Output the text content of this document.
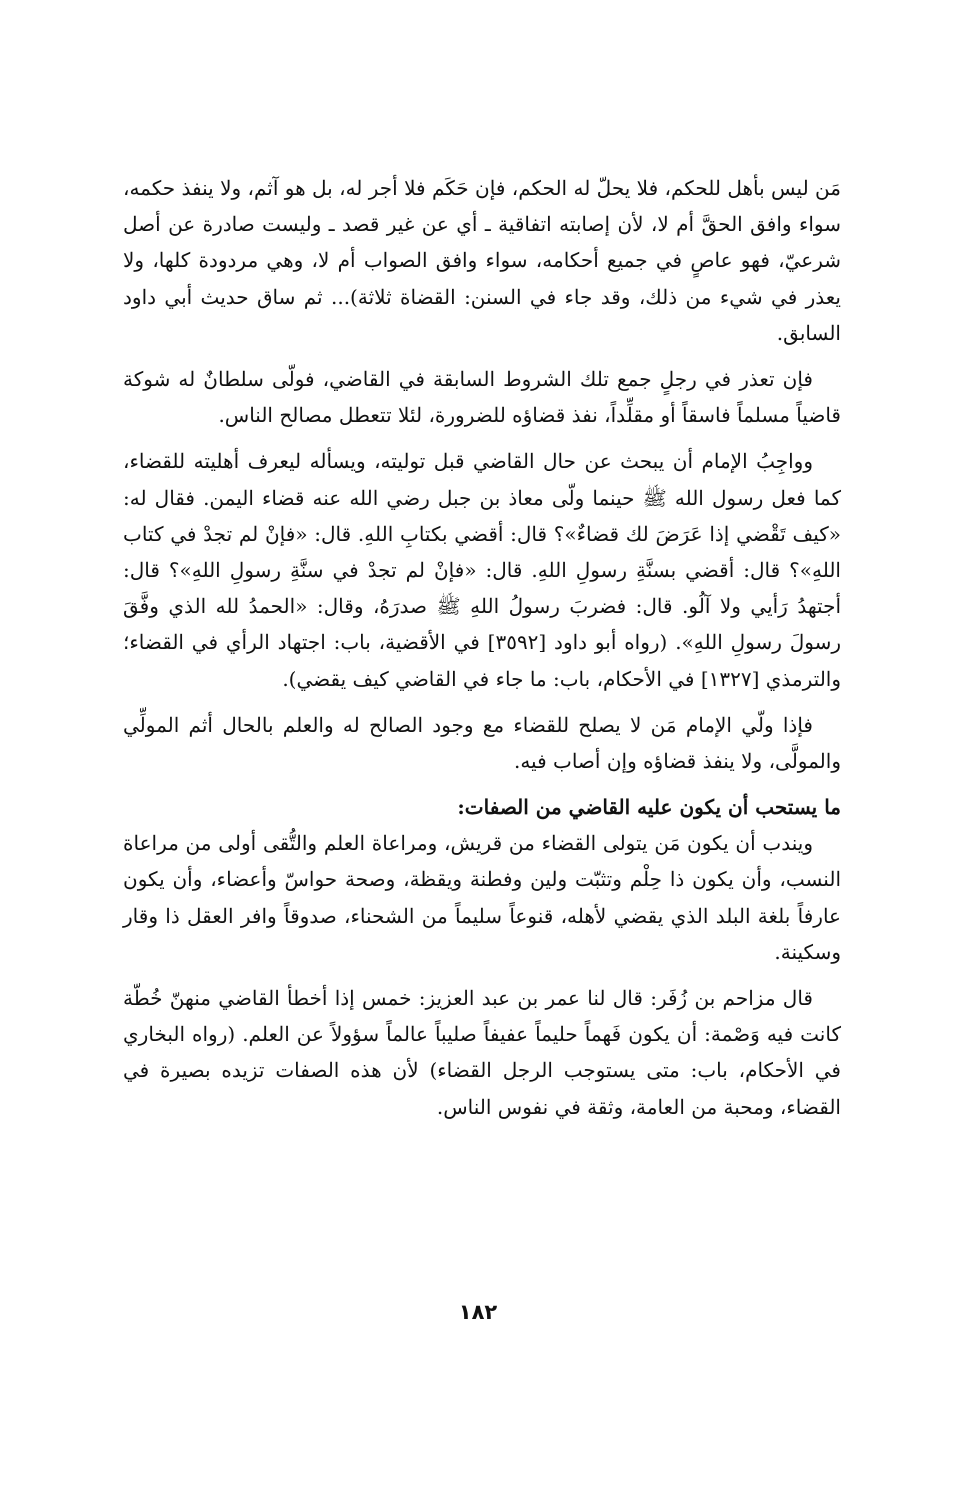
مَن ليس بأهل للحكم، فلا يحلّ له الحكم، فإن حَكَم فلا أجر له، بل هو آثم، ولا ينفذ حكمه، سواء وافق الحقَّ أم لا، لأن إصابته اتفاقية ـ أي عن غير قصد ـ وليست صادرة عن أصل شرعيّ، فهو عاصٍ في جميع أحكامه، سواء وافق الصواب أم لا، وهي مردودة كلها، ولا يعذر في شيء من ذلك، وقد جاء في السنن: القضاة ثلاثة)... ثم ساق حديث أبي داود السابق.

فإن تعذر في رجلٍ جمع تلك الشروط السابقة في القاضي، فولّى سلطانٌ له شوكة قاضياً مسلماً فاسقاً أو مقلِّداً، نفذ قضاؤه للضرورة، لئلا تتعطل مصالح الناس.

وواجِبُ الإمام أن يبحث عن حال القاضي قبل توليته، ويسأله ليعرف أهليته للقضاء، كما فعل رسول الله ﷺ حينما ولّى معاذ بن جبل رضي الله عنه قضاء اليمن. فقال له: «كيف تَقْضي إذا عَرَضَ لك قضاءٌ»؟ قال: أقضي بكتابِ اللهِ. قال: «فإنْ لم تجدْ في كتاب اللهِ»؟ قال: أقضي بسنَّةِ رسولِ اللهِ. قال: «فإنْ لم تجدْ في سنَّةِ رسولِ اللهِ»؟ قال: أجتهدُ رَأيي ولا آلُو. قال: فضربَ رسولُ اللهِ ﷺ صدرَهُ، وقال: «الحمدُ لله الذي وفَّقَ رسولَ رسولِ اللهِ». (رواه أبو داود [٣٥٩٢] في الأقضية، باب: اجتهاد الرأي في القضاء؛ والترمذي [١٣٢٧] في الأحكام، باب: ما جاء في القاضي كيف يقضي).

فإذا ولّي الإمام مَن لا يصلح للقضاء مع وجود الصالح له والعلم بالحال أثم المولِّي والمولَّى، ولا ينفذ قضاؤه وإن أصاب فيه.

ما يستحب أن يكون عليه القاضي من الصفات:

ويندب أن يكون مَن يتولى القضاء من قريش، ومراعاة العلم والتُّقى أولى من مراعاة النسب، وأن يكون ذا حِلْم وتثبّت ولين وفطنة ويقظة، وصحة حواسّ وأعضاء، وأن يكون عارفاً بلغة البلد الذي يقضي لأهله، قنوعاً سليماً من الشحناء، صدوقاً وافر العقل ذا وقار وسكينة.

قال مزاحم بن زُفَر: قال لنا عمر بن عبد العزيز: خمس إذا أخطأ القاضي منهنّ خُطّة كانت فيه وَصْمة: أن يكون فَهماً حليماً عفيفاً صليباً عالماً سؤولاً عن العلم. (رواه البخاري في الأحكام، باب: متى يستوجب الرجل القضاء) لأن هذه الصفات تزيده بصيرة في القضاء، ومحبة من العامة، وثقة في نفوس الناس.

١٨٢
